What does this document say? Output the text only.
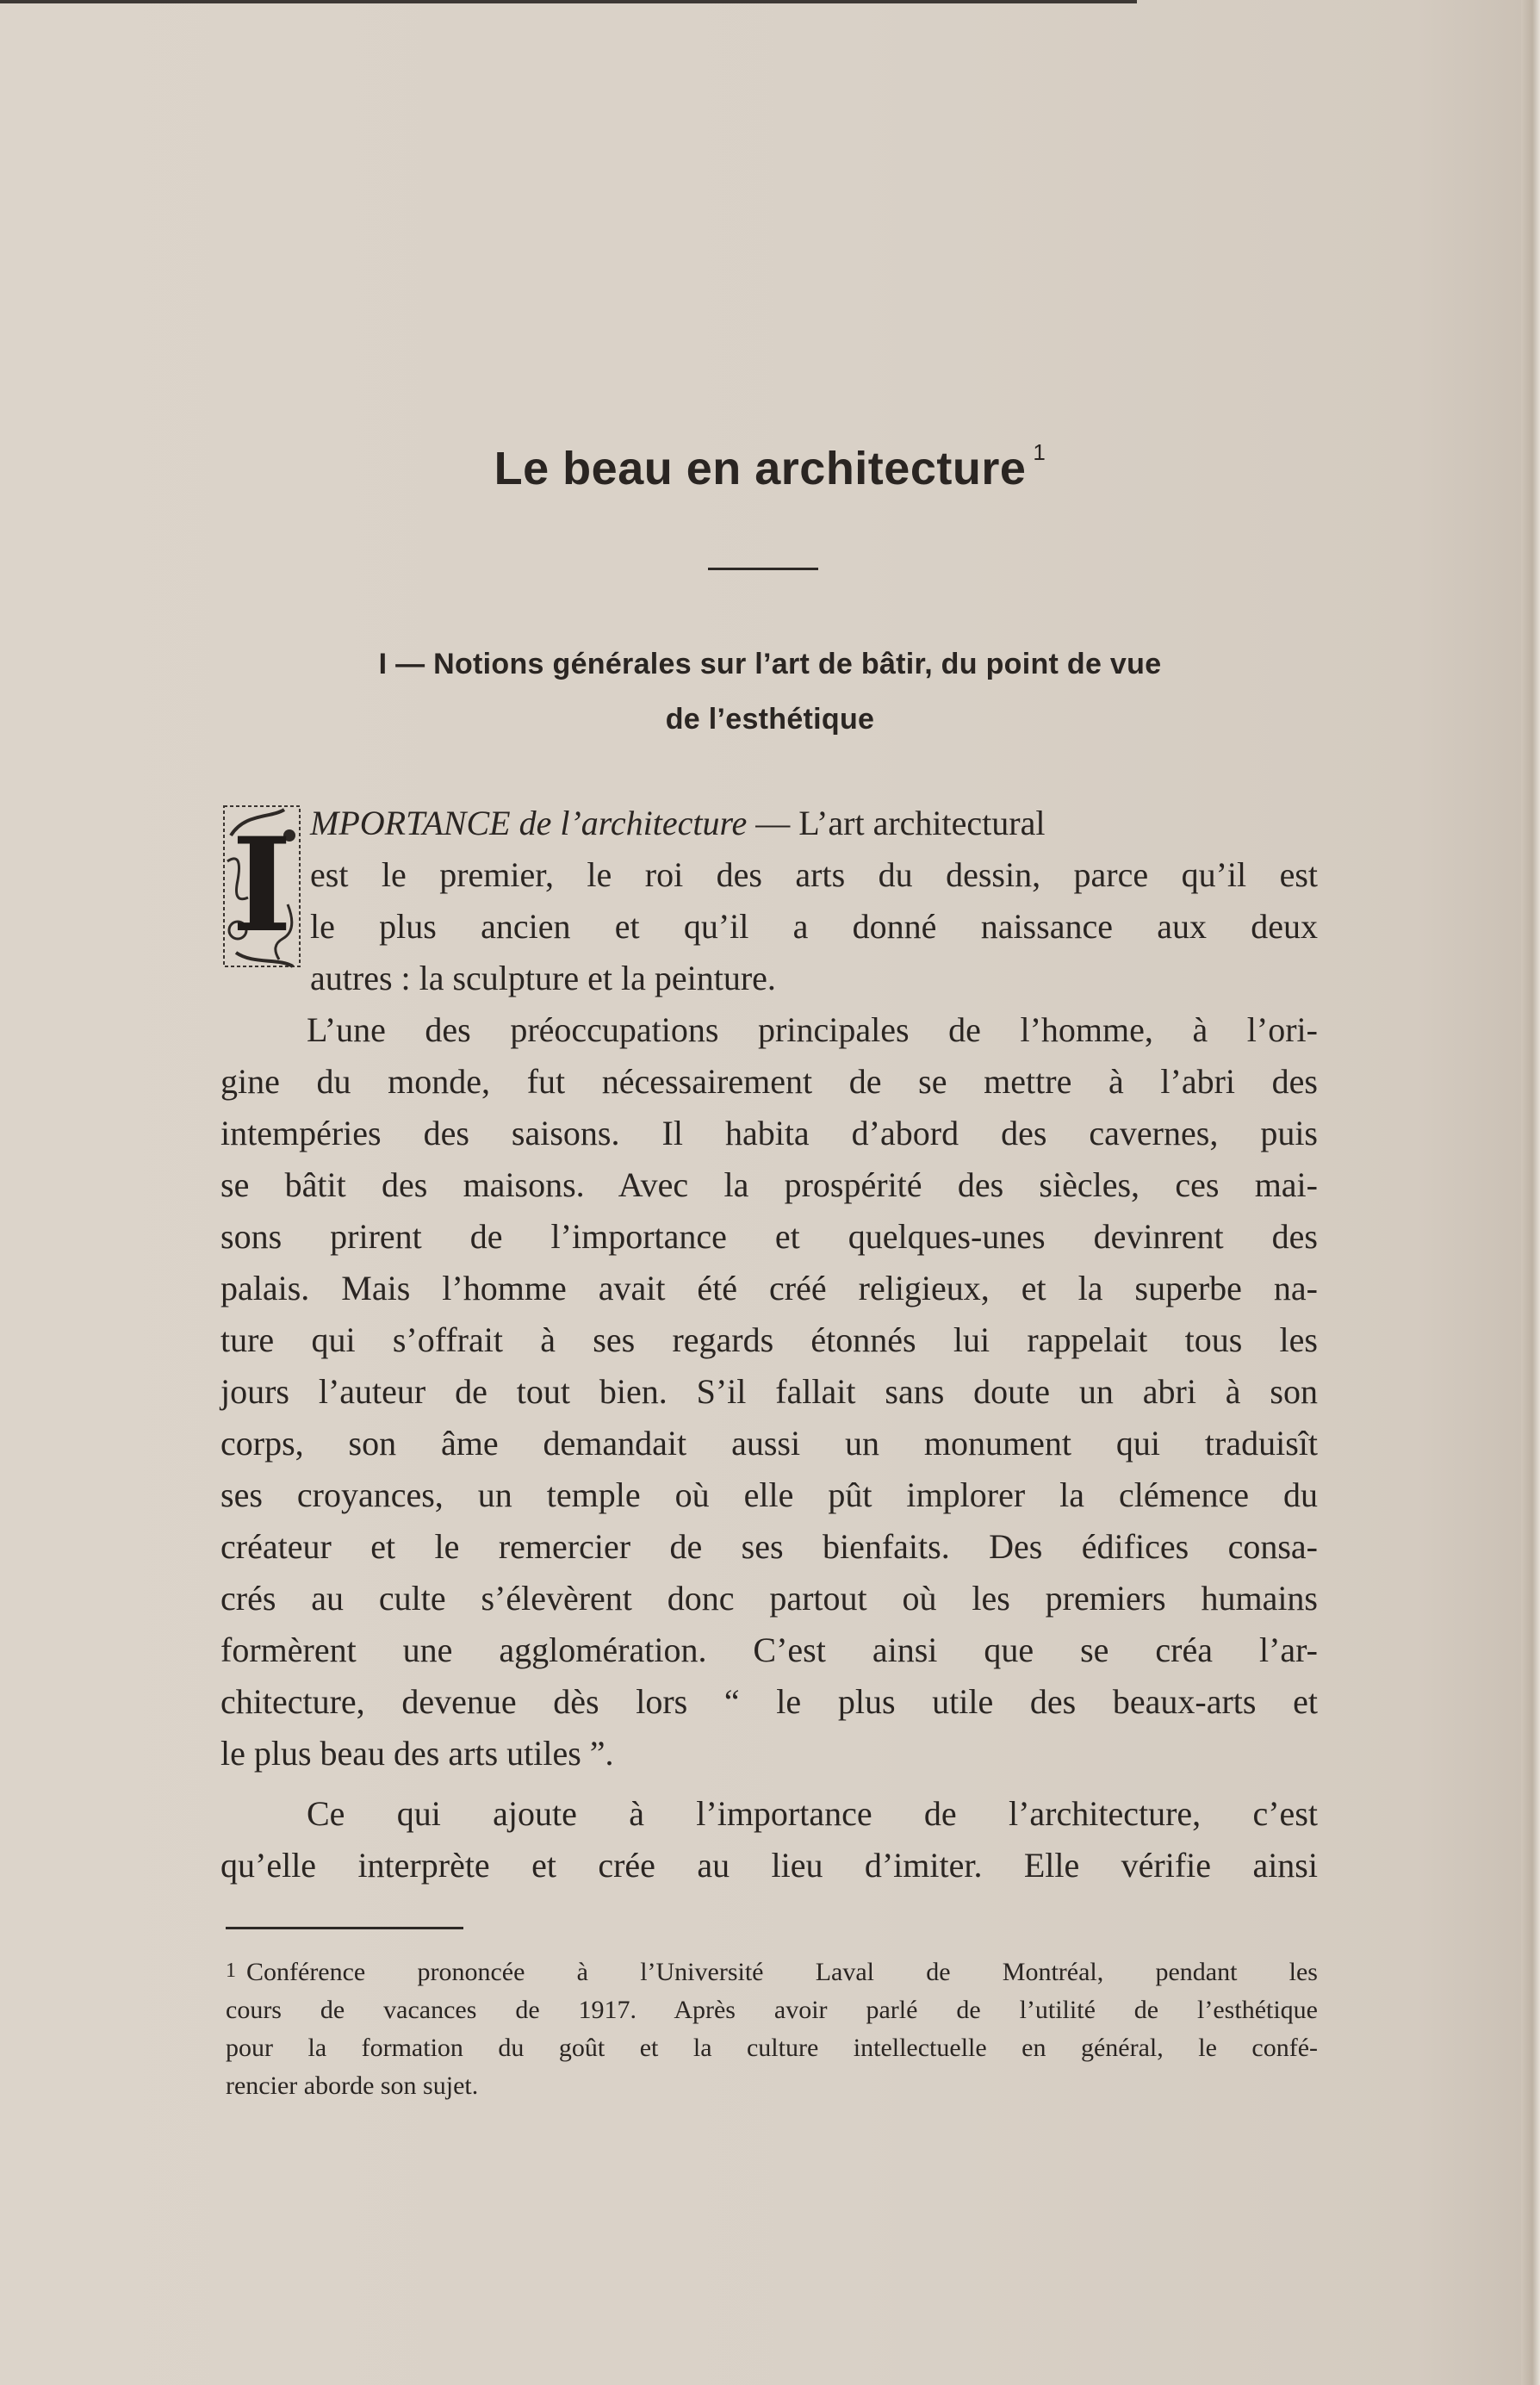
Le beau en architecture $^1$
I — Notions générales sur l’art de bâtir, du point de vue
de l’esthétique
I MPORTANCE de l’architecture — L’art architectural
est le premier, le roi des arts du dessin, parce qu’il est
le plus ancien et qu’il a donné naissance aux deux
autres : la sculpture et la peinture.
L’une des préoccupations principales de l’homme, à l’ori-
gine du monde, fut nécessairement de se mettre à l’abri des
intempéries des saisons. Il habita d’abord des cavernes, puis
se bâtit des maisons. Avec la prospérité des siècles, ces mai-
sons prirent de l’importance et quelques-unes devinrent des
palais. Mais l’homme avait été créé religieux, et la superbe na-
ture qui s’offrait à ses regards étonnés lui rappelait tous les
jours l’auteur de tout bien. S’il fallait sans doute un abri à son
corps, son âme demandait aussi un monument qui traduisît
ses croyances, un temple où elle pût implorer la clémence du
créateur et le remercier de ses bienfaits. Des édifices consa-
crés au culte s’élevèrent donc partout où les premiers humains
formèrent une agglomération. C’est ainsi que se créa l’ar-
chitecture, devenue dès lors “ le plus utile des beaux-arts et
le plus beau des arts utiles ”.
Ce qui ajoute à l’importance de l’architecture, c’est
qu’elle interprète et crée au lieu d’imiter. Elle vérifie ainsi
1 Conférence prononcée à l’Université Laval de Montréal, pendant les
cours de vacances de 1917. Après avoir parlé de l’utilité de l’esthétique
pour la formation du goût et la culture intellectuelle en général, le confé-
rencier aborde son sujet.
